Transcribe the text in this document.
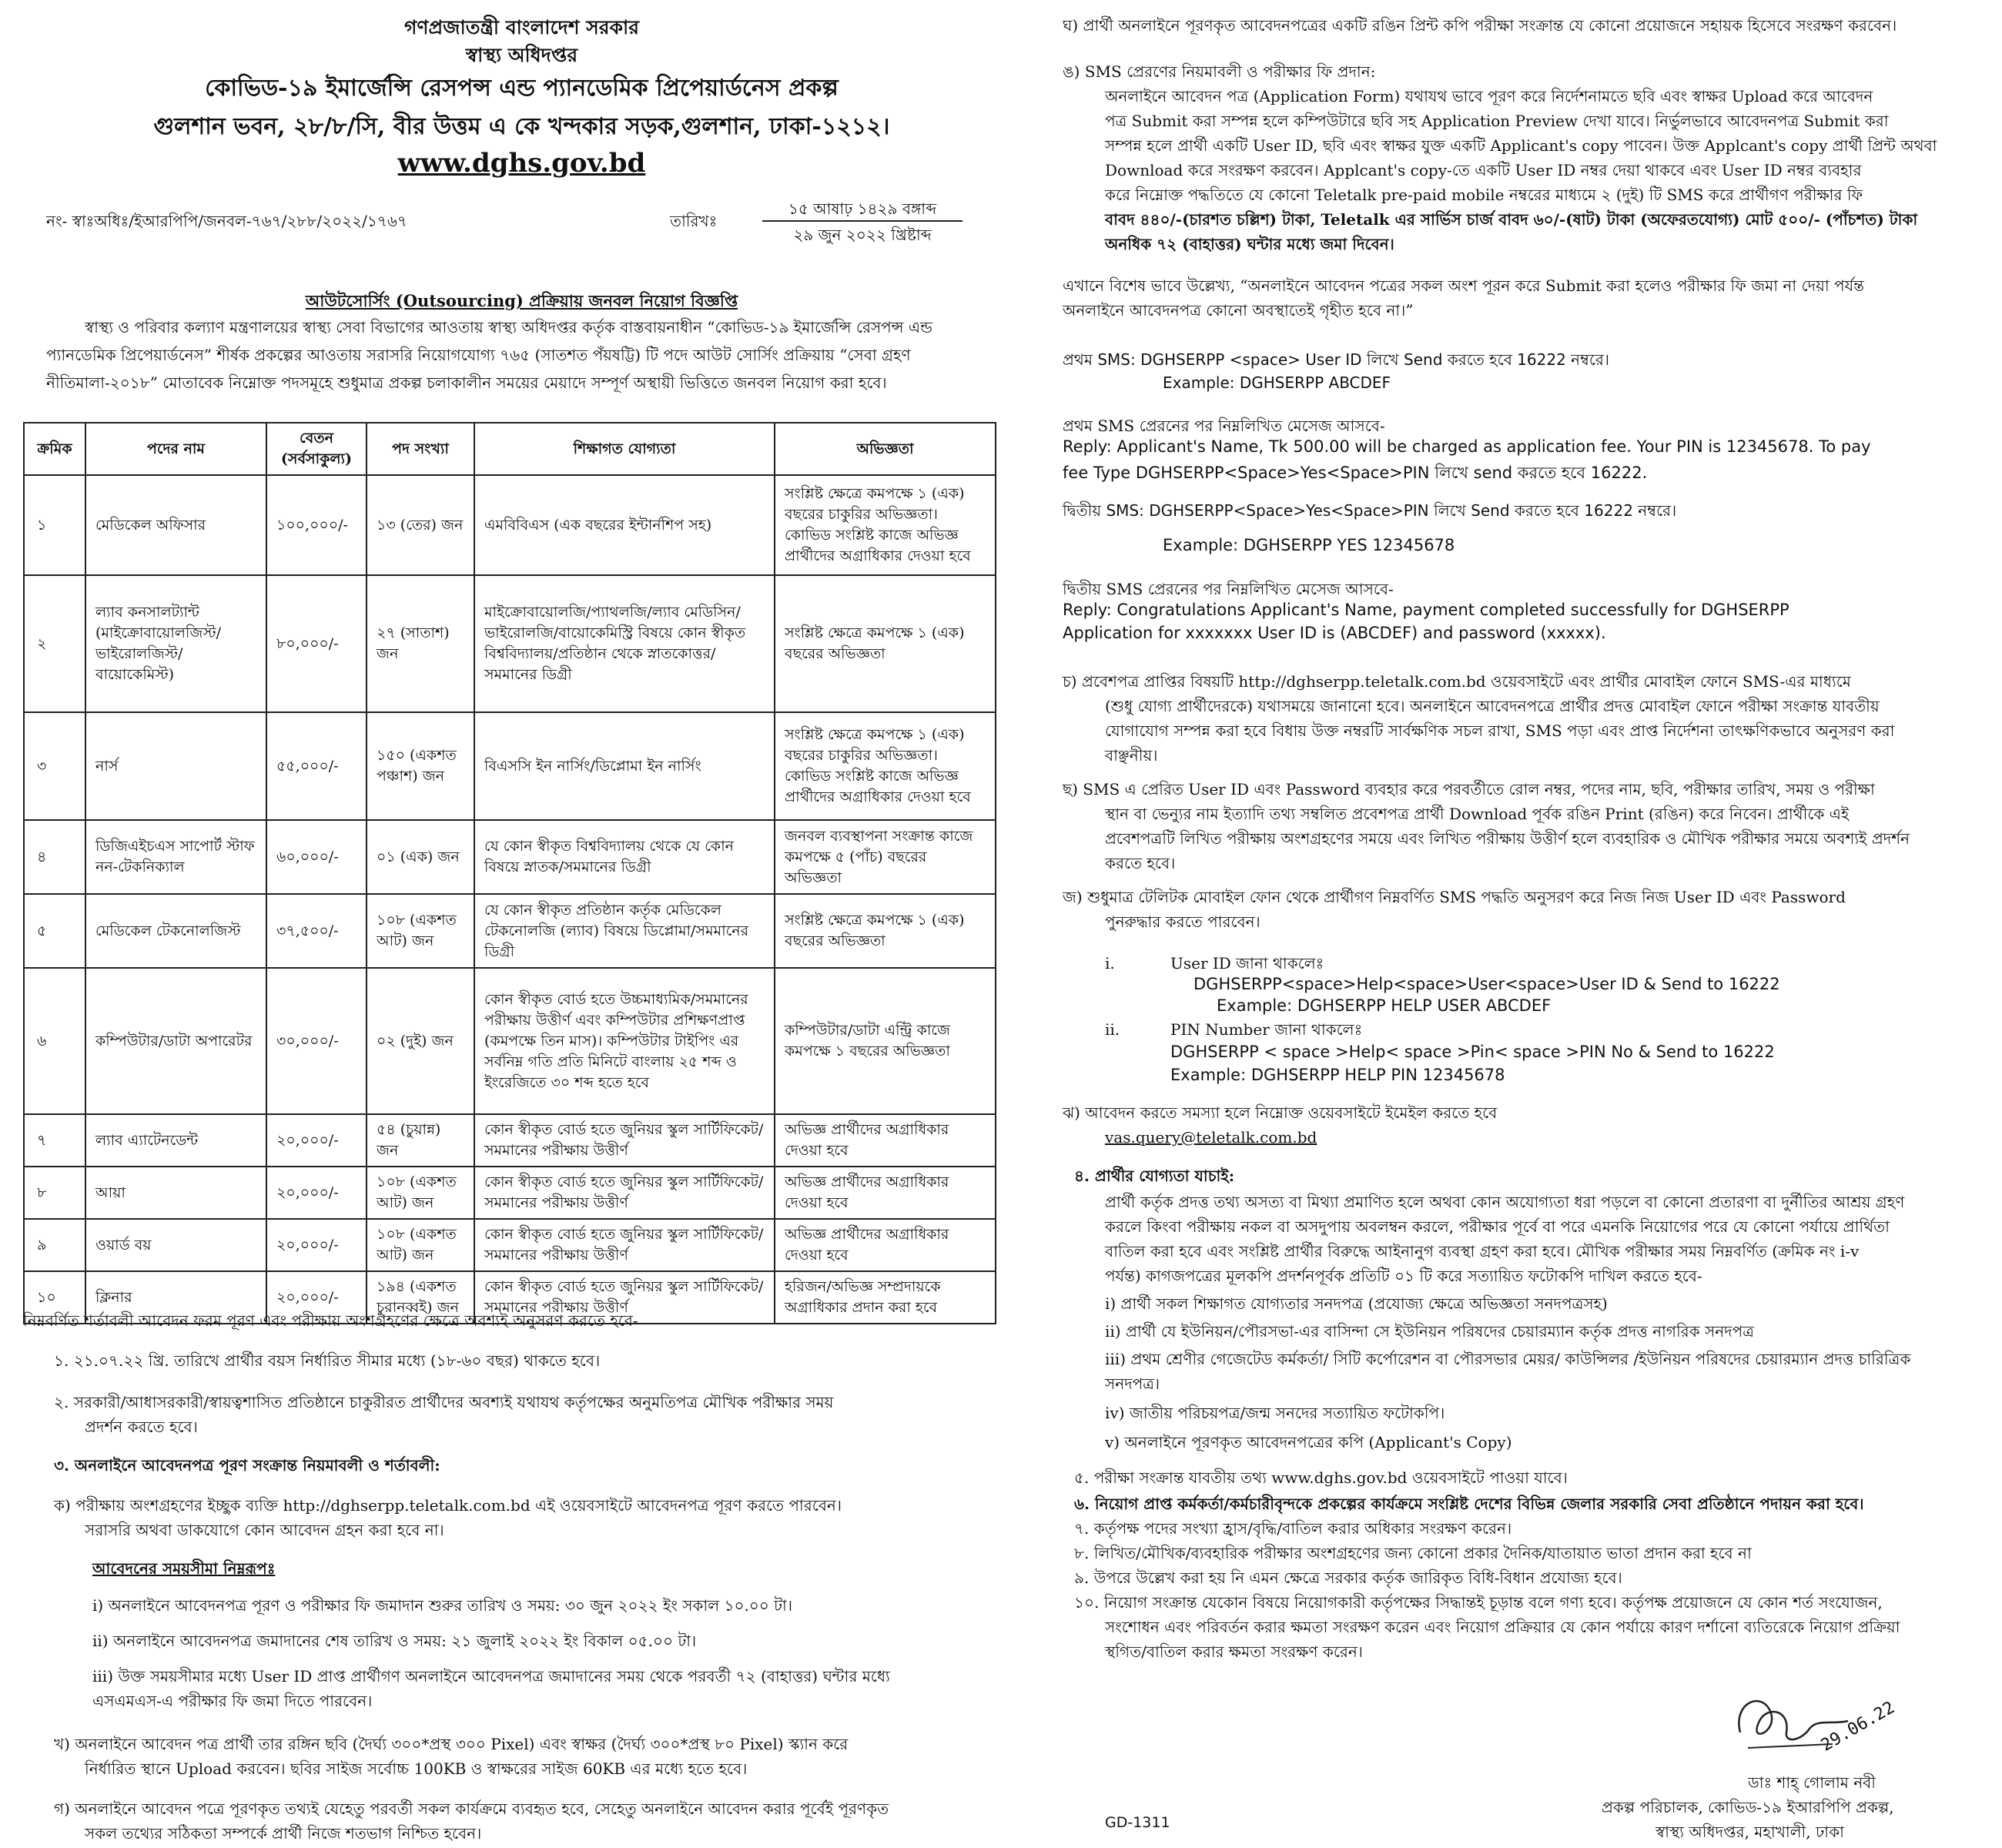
গণপ্রজাতন্ত্রী বাংলাদেশ সরকার
স্বাস্থ্য অধিদপ্তর
কোভিড-১৯ ইমার্জেন্সি রেসপন্স এন্ড প্যানডেমিক প্রিপেয়ার্ডনেস প্রকল্প
গুলশান ভবন, ২৮/৮/সি, বীর উত্তম এ কে খন্দকার সড়ক,গুলশান, ঢাকা-১২১২।
www.dghs.gov.bd
নং- স্বাঃঅধিঃ/ইআরপিপি/জনবল-৭৬৭/২৮৮/২০২২/১৭৬৭	তারিখঃ
১৫ আষাঢ় ১৪২৯ বঙ্গাব্দ
২৯ জুন ২০২২ খ্রিষ্টাব্দ
আউটসোর্সিং (Outsourcing) প্রক্রিয়ায় জনবল নিয়োগ বিজ্ঞপ্তি
স্বাস্থ্য ও পরিবার কল্যাণ মন্ত্রণালয়ের স্বাস্থ্য সেবা বিভাগের আওতায় স্বাস্থ্য অধিদপ্তর কর্তৃক বাস্তবায়নাধীন “কোভিড-১৯ ইমার্জেন্সি রেসপন্স এন্ড
প্যানডেমিক প্রিপেয়ার্ডনেস” শীর্ষক প্রকল্পের আওতায় সরাসরি নিয়োগযোগ্য ৭৬৫ (সাতশত পঁয়ষট্টি) টি পদে আউট সোর্সিং প্রক্রিয়ায় “সেবা গ্রহণ
নীতিমালা-২০১৮” মোতাবেক নিম্নোক্ত পদসমূহে শুধুমাত্র প্রকল্প চলাকালীন সময়ের মেয়াদে সম্পূর্ণ অস্থায়ী ভিত্তিতে জনবল নিয়োগ করা হবে।
ক্রমিক	পদের নাম	বেতন (সর্বসাকুল্য)	পদ সংখ্যা	শিক্ষাগত যোগ্যতা	অভিজ্ঞতা
১	মেডিকেল অফিসার	১০০,০০০/-	১৩ (তের) জন	এমবিবিএস (এক বছরের ইন্টার্নশিপ সহ)	সংশ্লিষ্ট ক্ষেত্রে কমপক্ষে ১ (এক) বছরের চাকুরির অভিজ্ঞতা। কোভিড সংশ্লিষ্ট কাজে অভিজ্ঞ প্রার্থীদের অগ্রাধিকার দেওয়া হবে
২	ল্যাব কনসালট্যান্ট (মাইক্রোবায়োলজিস্ট/ ভাইরোলজিস্ট/ বায়োকেমিস্ট)	৮০,০০০/-	২৭ (সাতাশ) জন	মাইক্রোবায়োলজি/প্যাথলজি/ল্যাব মেডিসিন/ভাইরোলজি/বায়োকেমিস্ট্রি বিষয়ে কোন স্বীকৃত বিশ্ববিদ্যালয়/প্রতিষ্ঠান থেকে স্নাতকোত্তর/সমমানের ডিগ্রী	সংশ্লিষ্ট ক্ষেত্রে কমপক্ষে ১ (এক) বছরের অভিজ্ঞতা
৩	নার্স	৫৫,০০০/-	১৫০ (একশত পঞ্চাশ) জন	বিএসসি ইন নার্সিং/ডিপ্লোমা ইন নার্সিং	সংশ্লিষ্ট ক্ষেত্রে কমপক্ষে ১ (এক) বছরের চাকুরির অভিজ্ঞতা। কোভিড সংশ্লিষ্ট কাজে অভিজ্ঞ প্রার্থীদের অগ্রাধিকার দেওয়া হবে
৪	ডিজিএইচএস সাপোর্ট স্টাফ নন-টেকনিক্যাল	৬০,০০০/-	০১ (এক) জন	যে কোন স্বীকৃত বিশ্ববিদ্যালয় থেকে যে কোন বিষয়ে স্নাতক/সমমানের ডিগ্রী	জনবল ব্যবস্থাপনা সংক্রান্ত কাজে কমপক্ষে ৫ (পাঁচ) বছরের অভিজ্ঞতা
৫	মেডিকেল টেকনোলজিস্ট	৩৭,৫০০/-	১০৮ (একশত আট) জন	যে কোন স্বীকৃত প্রতিষ্ঠান কর্তৃক মেডিকেল টেকনোলজি (ল্যাব) বিষয়ে ডিপ্লোমা/সমমানের ডিগ্রী	সংশ্লিষ্ট ক্ষেত্রে কমপক্ষে ১ (এক) বছরের অভিজ্ঞতা
৬	কম্পিউটার/ডাটা অপারেটর	৩০,০০০/-	০২ (দুই) জন	কোন স্বীকৃত বোর্ড হতে উচ্চমাধ্যমিক/সমমানের পরীক্ষায় উত্তীর্ণ এবং কম্পিউটার প্রশিক্ষণপ্রাপ্ত (কমপক্ষে তিন মাস)। কম্পিউটার টাইপিং এর সর্বনিম্ন গতি প্রতি মিনিটে বাংলায় ২৫ শব্দ ও ইংরেজিতে ৩০ শব্দ হতে হবে	কম্পিউটার/ডাটা এন্ট্রি কাজে কমপক্ষে ১ বছরের অভিজ্ঞতা
৭	ল্যাব এ্যাটেনডেন্ট	২০,০০০/-	৫৪ (চুয়ান্ন) জন	কোন স্বীকৃত বোর্ড হতে জুনিয়র স্কুল সার্টিফিকেট/সমমানের পরীক্ষায় উত্তীর্ণ	অভিজ্ঞ প্রার্থীদের অগ্রাধিকার দেওয়া হবে
৮	আয়া	২০,০০০/-	১০৮ (একশত আট) জন	কোন স্বীকৃত বোর্ড হতে জুনিয়র স্কুল সার্টিফিকেট/সমমানের পরীক্ষায় উত্তীর্ণ	অভিজ্ঞ প্রার্থীদের অগ্রাধিকার দেওয়া হবে
৯	ওয়ার্ড বয়	২০,০০০/-	১০৮ (একশত আট) জন	কোন স্বীকৃত বোর্ড হতে জুনিয়র স্কুল সার্টিফিকেট/সমমানের পরীক্ষায় উত্তীর্ণ	অভিজ্ঞ প্রার্থীদের অগ্রাধিকার দেওয়া হবে
১০	ক্লিনার	২০,০০০/-	১৯৪ (একশত চুরানব্বই) জন	কোন স্বীকৃত বোর্ড হতে জুনিয়র স্কুল সার্টিফিকেট/সমমানের পরীক্ষায় উত্তীর্ণ	হরিজন/অভিজ্ঞ সম্প্রদায়কে অগ্রাধিকার প্রদান করা হবে
নিম্নবর্ণিত শর্তাবলী আবেদন ফরম পূরণ এবং পরীক্ষায় অংশগ্রহণের ক্ষেত্রে অবশ্যই অনুসরণ করতে হবে-
১. ২১.০৭.২২ খ্রি. তারিখে প্রার্থীর বয়স নির্ধারিত সীমার মধ্যে (১৮-৬০ বছর) থাকতে হবে।
২. সরকারী/আধাসরকারী/স্বায়ত্বশাসিত প্রতিষ্ঠানে চাকুরীরত প্রার্থীদের অবশ্যই যথাযথ কর্তৃপক্ষের অনুমতিপত্র মৌখিক পরীক্ষার সময়
প্রদর্শন করতে হবে।
৩. অনলাইনে আবেদনপত্র পূরণ সংক্রান্ত নিয়মাবলী ও শর্তাবলী:
ক) পরীক্ষায় অংশগ্রহণের ইচ্ছুক ব্যক্তি http://dghserpp.teletalk.com.bd এই ওয়েবসাইটে আবেদনপত্র পূরণ করতে পারবেন।
সরাসরি অথবা ডাকযোগে কোন আবেদন গ্রহন করা হবে না।
আবেদনের সময়সীমা নিম্নরূপঃ
i) অনলাইনে আবেদনপত্র পূরণ ও পরীক্ষার ফি জমাদান শুরুর তারিখ ও সময়: ৩০ জুন ২০২২ ইং সকাল ১০.০০ টা।
ii) অনলাইনে আবেদনপত্র জমাদানের শেষ তারিখ ও সময়: ২১ জুলাই ২০২২ ইং বিকাল ০৫.০০ টা।
iii) উক্ত সময়সীমার মধ্যে User ID প্রাপ্ত প্রার্থীগণ অনলাইনে আবেদনপত্র জমাদানের সময় থেকে পরবর্তী ৭২ (বাহাত্তর) ঘন্টার মধ্যে
এসএমএস-এ পরীক্ষার ফি জমা দিতে পারবেন।
খ) অনলাইনে আবেদন পত্র প্রার্থী তার রঙ্গিন ছবি (দৈর্ঘ্য ৩০০*প্রস্থ ৩০০ Pixel) এবং স্বাক্ষর (দৈর্ঘ্য ৩০০*প্রস্থ ৮০ Pixel) স্ক্যান করে
নির্ধারিত স্থানে Upload করবেন। ছবির সাইজ সর্বোচ্চ 100KB ও স্বাক্ষরের সাইজ 60KB এর মধ্যে হতে হবে।
গ) অনলাইনে আবেদন পত্রে পূরণকৃত তথ্যই যেহেতু পরবর্তী সকল কার্যক্রমে ব্যবহৃত হবে, সেহেতু অনলাইনে আবেদন করার পূর্বেই পূরণকৃত
সকল তথ্যের সঠিকতা সম্পর্কে প্রার্থী নিজে শতভাগ নিশ্চিত হবেন।
ঘ) প্রার্থী অনলাইনে পূরণকৃত আবেদনপত্রের একটি রঙিন প্রিন্ট কপি পরীক্ষা সংক্রান্ত যে কোনো প্রয়োজনে সহায়ক হিসেবে সংরক্ষণ করবেন।
ঙ) SMS প্রেরণের নিয়মাবলী ও পরীক্ষার ফি প্রদান:
অনলাইনে আবেদন পত্র (Application Form) যথাযথ ভাবে পূরণ করে নির্দেশনামতে ছবি এবং স্বাক্ষর Upload করে আবেদন
পত্র Submit করা সম্পন্ন হলে কম্পিউটারে ছবি সহ Application Preview দেখা যাবে। নির্ভুলভাবে আবেদনপত্র Submit করা
সম্পন্ন হলে প্রার্থী একটি User ID, ছবি এবং স্বাক্ষর যুক্ত একটি Applicant's copy পাবেন। উক্ত Applcant's copy প্রার্থী প্রিন্ট অথবা
Download করে সংরক্ষণ করবেন। Applcant's copy-তে একটি User ID নম্বর দেয়া থাকবে এবং User ID নম্বর ব্যবহার
করে নিম্নোক্ত পদ্ধতিতে যে কোনো Teletalk pre-paid mobile নম্বরের মাধ্যমে ২ (দুই) টি SMS করে প্রার্থীগণ পরীক্ষার ফি
বাবদ ৪৪০/-(চারশত চল্লিশ) টাকা, Teletalk এর সার্ভিস চার্জ বাবদ ৬০/-(ষাট) টাকা (অফেরতযোগ্য) মোট ৫০০/- (পাঁচশত) টাকা
অনধিক ৭২ (বাহাত্তর) ঘন্টার মধ্যে জমা দিবেন।
এখানে বিশেষ ভাবে উল্লেখ্য, “অনলাইনে আবেদন পত্রের সকল অংশ পূরন করে Submit করা হলেও পরীক্ষার ফি জমা না দেয়া পর্যন্ত
অনলাইনে আবেদনপত্র কোনো অবস্থাতেই গৃহীত হবে না।”
প্রথম SMS: DGHSERPP <space> User ID লিখে Send করতে হবে 16222 নম্বরে।
Example: DGHSERPP ABCDEF
প্রথম SMS প্রেরনের পর নিম্নলিখিত মেসেজ আসবে-
Reply: Applicant's Name, Tk 500.00 will be charged as application fee. Your PIN is 12345678. To pay
fee Type DGHSERPP<Space>Yes<Space>PIN লিখে send করতে হবে 16222.
দ্বিতীয় SMS: DGHSERPP<Space>Yes<Space>PIN লিখে Send করতে হবে 16222 নম্বরে।
Example: DGHSERPP YES 12345678
দ্বিতীয় SMS প্রেরনের পর নিম্নলিখিত মেসেজ আসবে-
Reply: Congratulations Applicant's Name, payment completed successfully for DGHSERPP
Application for xxxxxxx User ID is (ABCDEF) and password (xxxxx).
চ) প্রবেশপত্র প্রাপ্তির বিষয়টি http://dghserpp.teletalk.com.bd ওয়েবসাইটে এবং প্রার্থীর মোবাইল ফোনে SMS-এর মাধ্যমে
(শুধু যোগ্য প্রার্থীদেরকে) যথাসময়ে জানানো হবে। অনলাইনে আবেদনপত্রে প্রার্থীর প্রদত্ত মোবাইল ফোনে পরীক্ষা সংক্রান্ত যাবতীয়
যোগাযোগ সম্পন্ন করা হবে বিধায় উক্ত নম্বরটি সার্বক্ষণিক সচল রাখা, SMS পড়া এবং প্রাপ্ত নির্দেশনা তাৎক্ষণিকভাবে অনুসরণ করা
বাঞ্ছনীয়।
ছ) SMS এ প্রেরিত User ID এবং Password ব্যবহার করে পরবর্তীতে রোল নম্বর, পদের নাম, ছবি, পরীক্ষার তারিখ, সময় ও পরীক্ষা
স্থান বা ভেন্যুর নাম ইত্যাদি তথ্য সম্বলিত প্রবেশপত্র প্রার্থী Download পূর্বক রঙিন Print (রঙিন) করে নিবেন। প্রার্থীকে এই
প্রবেশপত্রটি লিখিত পরীক্ষায় অংশগ্রহণের সময়ে এবং লিখিত পরীক্ষায় উত্তীর্ণ হলে ব্যবহারিক ও মৌখিক পরীক্ষার সময়ে অবশ্যই প্রদর্শন
করতে হবে।
জ) শুধুমাত্র টেলিটক মোবাইল ফোন থেকে প্রার্থীগণ নিম্নবর্ণিত SMS পদ্ধতি অনুসরণ করে নিজ নিজ User ID এবং Password
পুনরুদ্ধার করতে পারবেন।
i.	User ID জানা থাকলেঃ
DGHSERPP<space>Help<space>User<space>User ID & Send to 16222
Example: DGHSERPP HELP USER ABCDEF
ii.	PIN Number জানা থাকলেঃ
DGHSERPP < space >Help< space >Pin< space >PIN No & Send to 16222
Example: DGHSERPP HELP PIN 12345678
ঝ) আবেদন করতে সমস্যা হলে নিম্নোক্ত ওয়েবসাইটে ইমেইল করতে হবে
vas.query@teletalk.com.bd
৪. প্রার্থীর যোগ্যতা যাচাই:
প্রার্থী কর্তৃক প্রদত্ত তথ্য অসত্য বা মিথ্যা প্রমাণিত হলে অথবা কোন অযোগ্যতা ধরা পড়লে বা কোনো প্রতারণা বা দুর্নীতির আশ্রয় গ্রহণ
করলে কিংবা পরীক্ষায় নকল বা অসদুপায় অবলম্বন করলে, পরীক্ষার পূর্বে বা পরে এমনকি নিয়োগের পরে যে কোনো পর্যায়ে প্রার্থিতা
বাতিল করা হবে এবং সংশ্লিষ্ট প্রার্থীর বিরুদ্ধে আইনানুগ ব্যবস্থা গ্রহণ করা হবে। মৌখিক পরীক্ষার সময় নিম্নবর্ণিত (ক্রমিক নং i-v
পর্যন্ত) কাগজপত্রের মূলকপি প্রদর্শনপূর্বক প্রতিটি ০১ টি করে সত্যায়িত ফটোকপি দাখিল করতে হবে-
i) প্রার্থী সকল শিক্ষাগত যোগ্যতার সনদপত্র (প্রযোজ্য ক্ষেত্রে অভিজ্ঞতা সনদপত্রসহ)
ii) প্রার্থী যে ইউনিয়ন/পৌরসভা-এর বাসিন্দা সে ইউনিয়ন পরিষদের চেয়ারম্যান কর্তৃক প্রদত্ত নাগরিক সনদপত্র
iii) প্রথম শ্রেণীর গেজেটেড কর্মকর্তা/ সিটি কর্পোরেশন বা পৌরসভার মেয়র/ কাউন্সিলর /ইউনিয়ন পরিষদের চেয়ারম্যান প্রদত্ত চারিত্রিক
সনদপত্র।
iv) জাতীয় পরিচয়পত্র/জন্ম সনদের সত্যায়িত ফটোকপি।
v) অনলাইনে পূরণকৃত আবেদনপত্রের কপি (Applicant's Copy)
৫. পরীক্ষা সংক্রান্ত যাবতীয় তথ্য www.dghs.gov.bd ওয়েবসাইটে পাওয়া যাবে।
৬. নিয়োগ প্রাপ্ত কর্মকর্তা/কর্মচারীবৃন্দকে প্রকল্পের কার্যক্রমে সংশ্লিষ্ট দেশের বিভিন্ন জেলার সরকারি সেবা প্রতিষ্ঠানে পদায়ন করা হবে।
৭. কর্তৃপক্ষ পদের সংখ্যা হ্রাস/বৃদ্ধি/বাতিল করার অধিকার সংরক্ষণ করেন।
৮. লিখিত/মৌখিক/ব্যবহারিক পরীক্ষার অংশগ্রহণের জন্য কোনো প্রকার দৈনিক/যাতায়াত ভাতা প্রদান করা হবে না
৯. উপরে উল্লেখ করা হয় নি এমন ক্ষেত্রে সরকার কর্তৃক জারিকৃত বিধি-বিধান প্রযোজ্য হবে।
১০. নিয়োগ সংক্রান্ত যেকোন বিষয়ে নিয়োগকারী কর্তৃপক্ষের সিদ্ধান্তই চূড়ান্ত বলে গণ্য হবে। কর্তৃপক্ষ প্রয়োজনে যে কোন শর্ত সংযোজন,
সংশোধন এবং পরিবর্তন করার ক্ষমতা সংরক্ষণ করেন এবং নিয়োগ প্রক্রিয়ার যে কোন পর্যায়ে কারণ দর্শানো ব্যতিরেকে নিয়োগ প্রক্রিয়া
স্থগিত/বাতিল করার ক্ষমতা সংরক্ষণ করেন।
29.06.22
ডাঃ শাহ্ গোলাম নবী
প্রকল্প পরিচালক, কোভিড-১৯ ইআরপিপি প্রকল্প,
স্বাস্থ্য অধিদপ্তর, মহাখালী, ঢাকা
GD-1311
